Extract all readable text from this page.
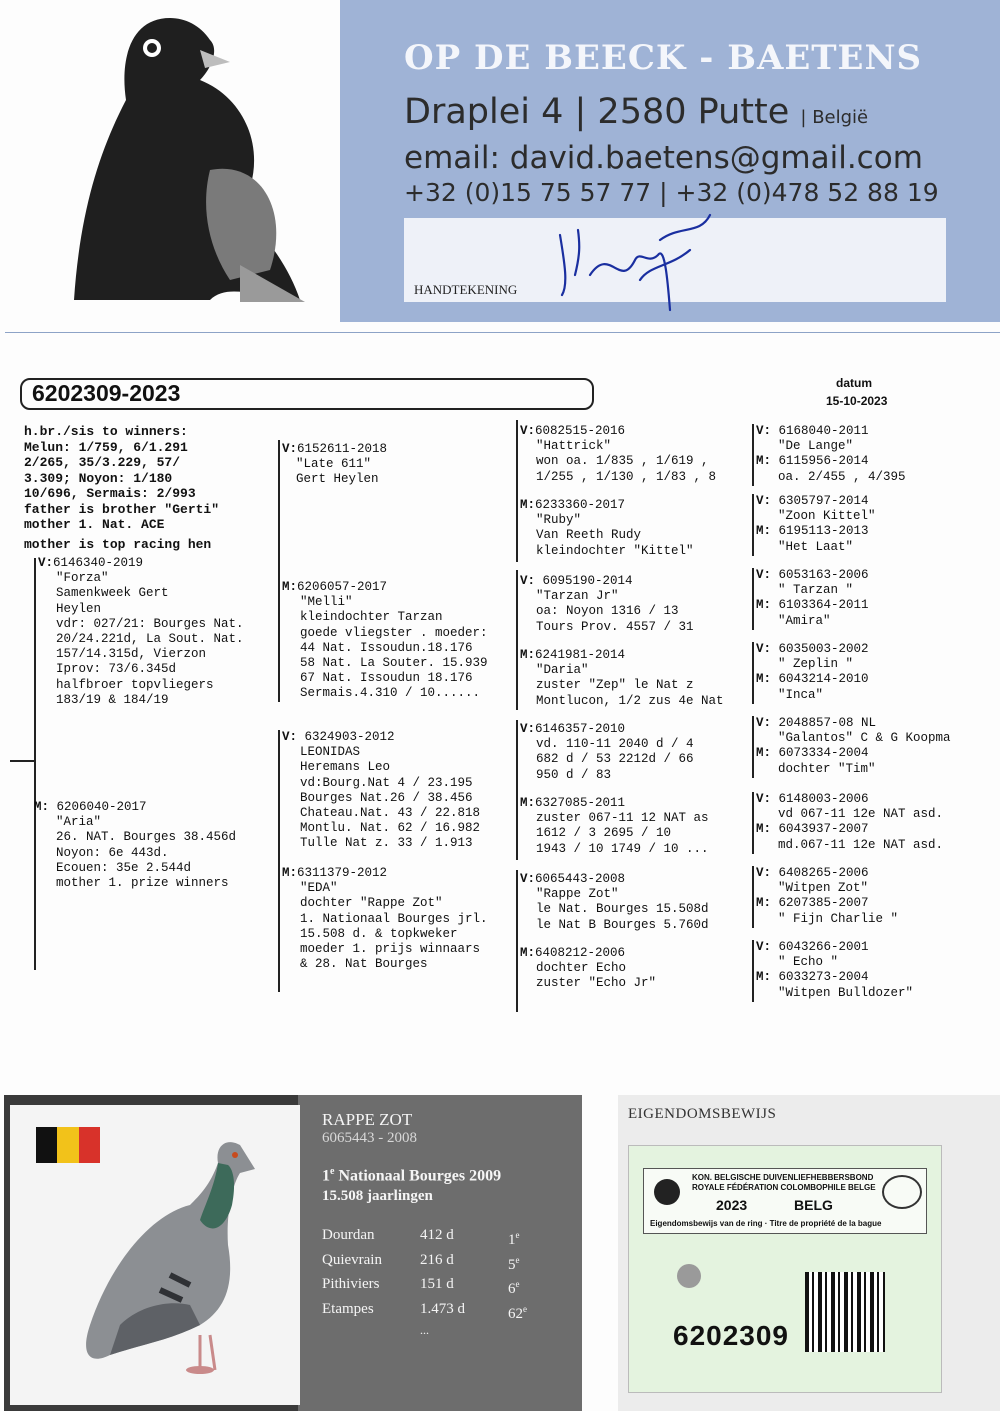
OP DE BEECK - BAETENS
Draplei 4 | 2580 Putte | België
email: david.baetens@gmail.com
+32 (0)15 75 57 77 | +32 (0)478 52 88 19
HANDTEKENING
6202309-2023	datum
15-10-2023
h.br./sis to winners:
Melun: 1/759, 6/1.291
2/265, 35/3.229, 57/
3.309; Noyon: 1/180
10/696, Sermais: 2/993
father is brother "Gerti"
mother 1. Nat. ACE
mother is top racing hen
V:6146340-2019
"Forza"
Samenkweek Gert
Heylen
vdr: 027/21: Bourges Nat.
20/24.221d, La Sout. Nat.
157/14.315d, Vierzon
Iprov: 73/6.345d
halfbroer topvliegers
183/19 & 184/19
M: 6206040-2017
"Aria"
26. NAT. Bourges 38.456d
Noyon: 6e 443d.
Ecouen: 35e 2.544d
mother 1. prize winners
V:6152611-2018
"Late 611"
Gert Heylen
M:6206057-2017
"Melli"
kleindochter Tarzan
goede vliegster . moeder:
44 Nat. Issoudun.18.176
58 Nat. La Souter. 15.939
67 Nat. Issoudun 18.176
Sermais.4.310 / 10......
V: 6324903-2012
LEONIDAS
Heremans Leo
vd:Bourg.Nat 4 / 23.195
Bourges Nat.26 / 38.456
Chateau.Nat. 43 / 22.818
Montlu. Nat. 62 / 16.982
Tulle Nat z. 33 / 1.913
M:6311379-2012
"EDA"
dochter "Rappe Zot"
1. Nationaal Bourges jrl.
15.508 d. & topkweker
moeder 1. prijs winnaars
& 28. Nat Bourges
V:6082515-2016
"Hattrick"
won oa. 1/835 , 1/619 ,
1/255 , 1/130 , 1/83 , 8
M:6233360-2017
"Ruby"
Van Reeth Rudy
kleindochter "Kittel"
V: 6095190-2014
"Tarzan Jr"
oa: Noyon 1316 / 13
Tours Prov. 4557 / 31
M:6241981-2014
"Daria"
zuster "Zep" le Nat z
Montlucon, 1/2 zus 4e Nat
V:6146357-2010
vd. 110-11 2040 d / 4
682 d / 53 2212d / 66
950 d / 83
M:6327085-2011
zuster 067-11 12 NAT as
1612 / 3 2695 / 10
1943 / 10 1749 / 10 ...
V:6065443-2008
"Rappe Zot"
le Nat. Bourges 15.508d
le Nat B Bourges 5.760d
M:6408212-2006
dochter Echo
zuster "Echo Jr"
V: 6168040-2011
"De Lange"
M: 6115956-2014
oa. 2/455 , 4/395
V: 6305797-2014
"Zoon Kittel"
M: 6195113-2013
"Het Laat"
V: 6053163-2006
" Tarzan "
M: 6103364-2011
"Amira"
V: 6035003-2002
" Zeplin "
M: 6043214-2010
"Inca"
V: 2048857-08 NL
"Galantos" C & G Koopma
M: 6073334-2004
dochter "Tim"
V: 6148003-2006
vd 067-11 12e NAT asd.
M: 6043937-2007
md.067-11 12e NAT asd.
V: 6408265-2006
"Witpen Zot"
M: 6207385-2007
" Fijn Charlie "
V: 6043266-2001
" Echo "
M: 6033273-2004
"Witpen Bulldozer"
RAPPE ZOT
6065443 - 2008
1e Nationaal Bourges 2009
15.508 jaarlingen
Dourdan	412 d	1e
Quievrain	216 d	5e
Pithiviers	151 d	6e
Etampes	1.473 d	62e
...
EIGENDOMSBEWIJS
KON. BELGISCHE DUIVENLIEFHEBBERSBOND
ROYALE FÉDÉRATION COLOMBOPHILE BELGE
2023	BELG
Eigendomsbewijs van de ring · Titre de propriété de la bague
6202309
